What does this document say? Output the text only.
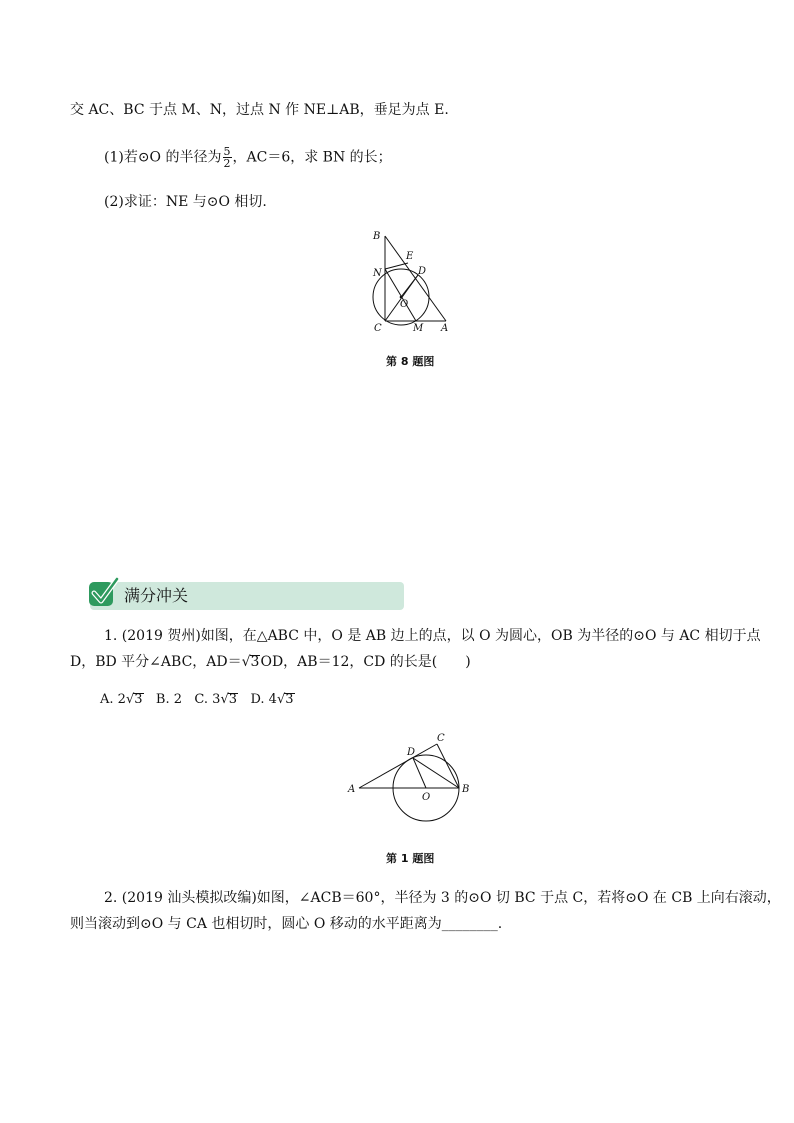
交 AC、BC 于点 M、N，过点 N 作 NE⊥AB，垂足为点 E.
(1)若⊙O 的半径为 $\frac{5}{2}$ ，AC＝6，求 BN 的长；
(2)求证：NE 与⊙O 相切.
B
E
D
N
O
C	M A
第 8 题图
满分冲关
1. (2019 贺州)如图，在△ABC 中，O 是 AB 边上的点，以 O 为圆心，OB 为半径的⊙O 与 AC 相切于点
D，BD 平分∠ABC，AD＝√3OD，AB＝12，CD 的长是(　　)
A. 2√3 B. 2 C. 3√3 D. 4√3
A
D
C
O
B
第 1 题图
2. (2019 汕头模拟改编)如图，∠ACB＝60°，半径为 3 的⊙O 切 BC 于点 C，若将⊙O 在 CB 上向右滚动，
则当滚动到⊙O 与 CA 也相切时，圆心 O 移动的水平距离为________.
